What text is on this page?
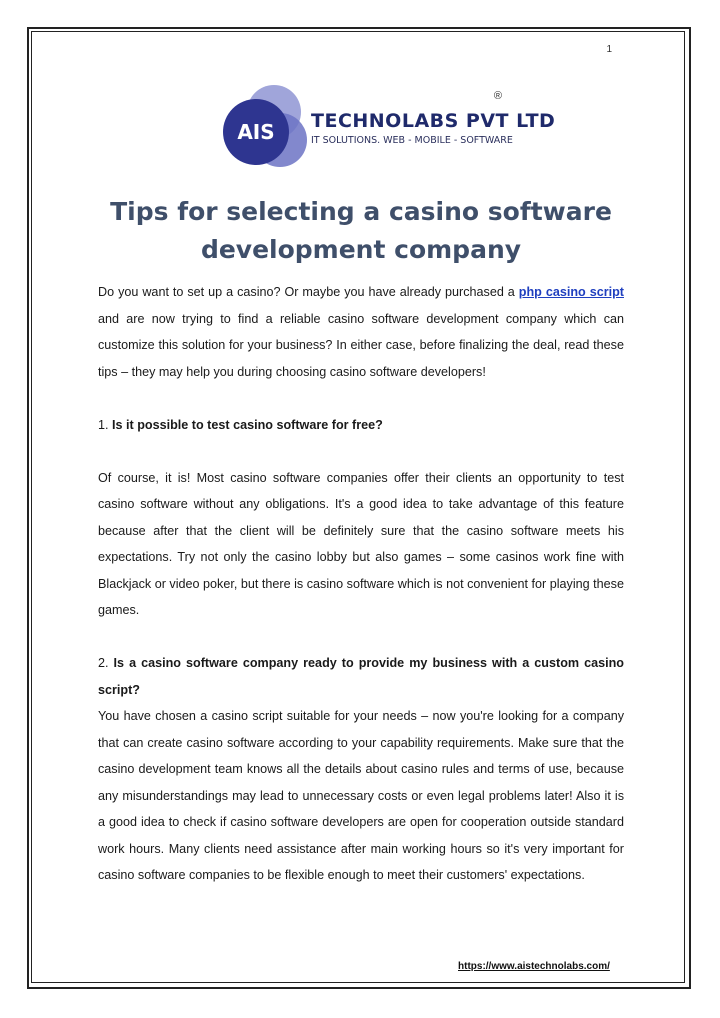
1
AIS TECHNOLABS PVT LTD
IT SOLUTIONS. WEB - MOBILE - SOFTWARE
®
Tips for selecting a casino software development company

Do you want to set up a casino? Or maybe you have already purchased a php casino script and are now trying to find a reliable casino software development company which can customize this solution for your business? In either case, before finalizing the deal, read these tips – they may help you during choosing casino software developers!

1. Is it possible to test casino software for free?

Of course, it is! Most casino software companies offer their clients an opportunity to test casino software without any obligations. It's a good idea to take advantage of this feature because after that the client will be definitely sure that the casino software meets his expectations. Try not only the casino lobby but also games – some casinos work fine with Blackjack or video poker, but there is casino software which is not convenient for playing these games.

2. Is a casino software company ready to provide my business with a custom casino script?

You have chosen a casino script suitable for your needs – now you're looking for a company that can create casino software according to your capability requirements. Make sure that the casino development team knows all the details about casino rules and terms of use, because any misunderstandings may lead to unnecessary costs or even legal problems later! Also it is a good idea to check if casino software developers are open for cooperation outside standard work hours. Many clients need assistance after main working hours so it's very important for casino software companies to be flexible enough to meet their customers' expectations.

https://www.aistechnolabs.com/
